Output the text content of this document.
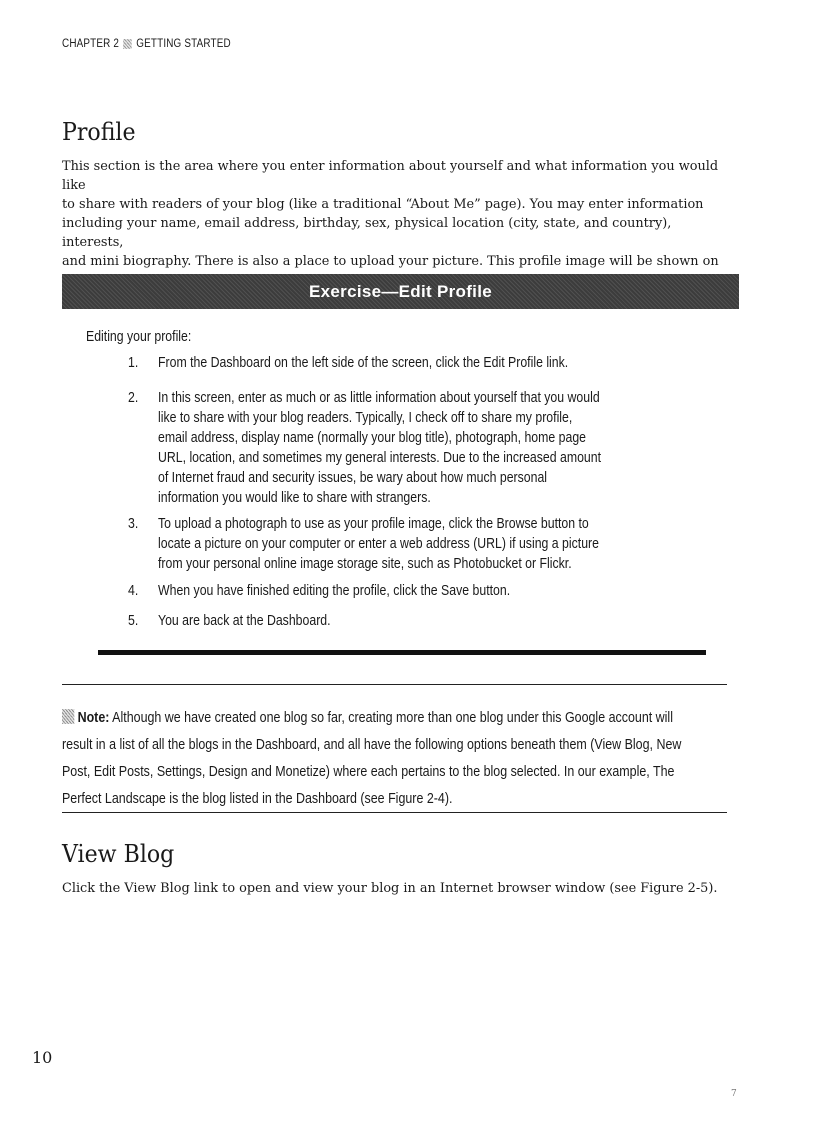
CHAPTER 2 GETTING STARTED
Profile
This section is the area where you enter information about yourself and what information you would like
to share with readers of your blog (like a traditional “About Me” page). You may enter information
including your name, email address, birthday, sex, physical location (city, state, and country), interests,
and mini biography. There is also a place to upload your picture. This profile image will be shown on
Exercise—Edit Profile
Editing your profile:
1. From the Dashboard on the left side of the screen, click the Edit Profile link.
2. In this screen, enter as much or as little information about yourself that you would
like to share with your blog readers. Typically, I check off to share my profile,
email address, display name (normally your blog title), photograph, home page
URL, location, and sometimes my general interests. Due to the increased amount
of Internet fraud and security issues, be wary about how much personal
information you would like to share with strangers.
3. To upload a photograph to use as your profile image, click the Browse button to
locate a picture on your computer or enter a web address (URL) if using a picture
from your personal online image storage site, such as Photobucket or Flickr.
4. When you have finished editing the profile, click the Save button.
5. You are back at the Dashboard.
Note: Although we have created one blog so far, creating more than one blog under this Google account will
result in a list of all the blogs in the Dashboard, and all have the following options beneath them (View Blog, New
Post, Edit Posts, Settings, Design and Monetize) where each pertains to the blog selected. In our example, The
Perfect Landscape is the blog listed in the Dashboard (see Figure 2-4).
View Blog
Click the View Blog link to open and view your blog in an Internet browser window (see Figure 2-5).
10
7
